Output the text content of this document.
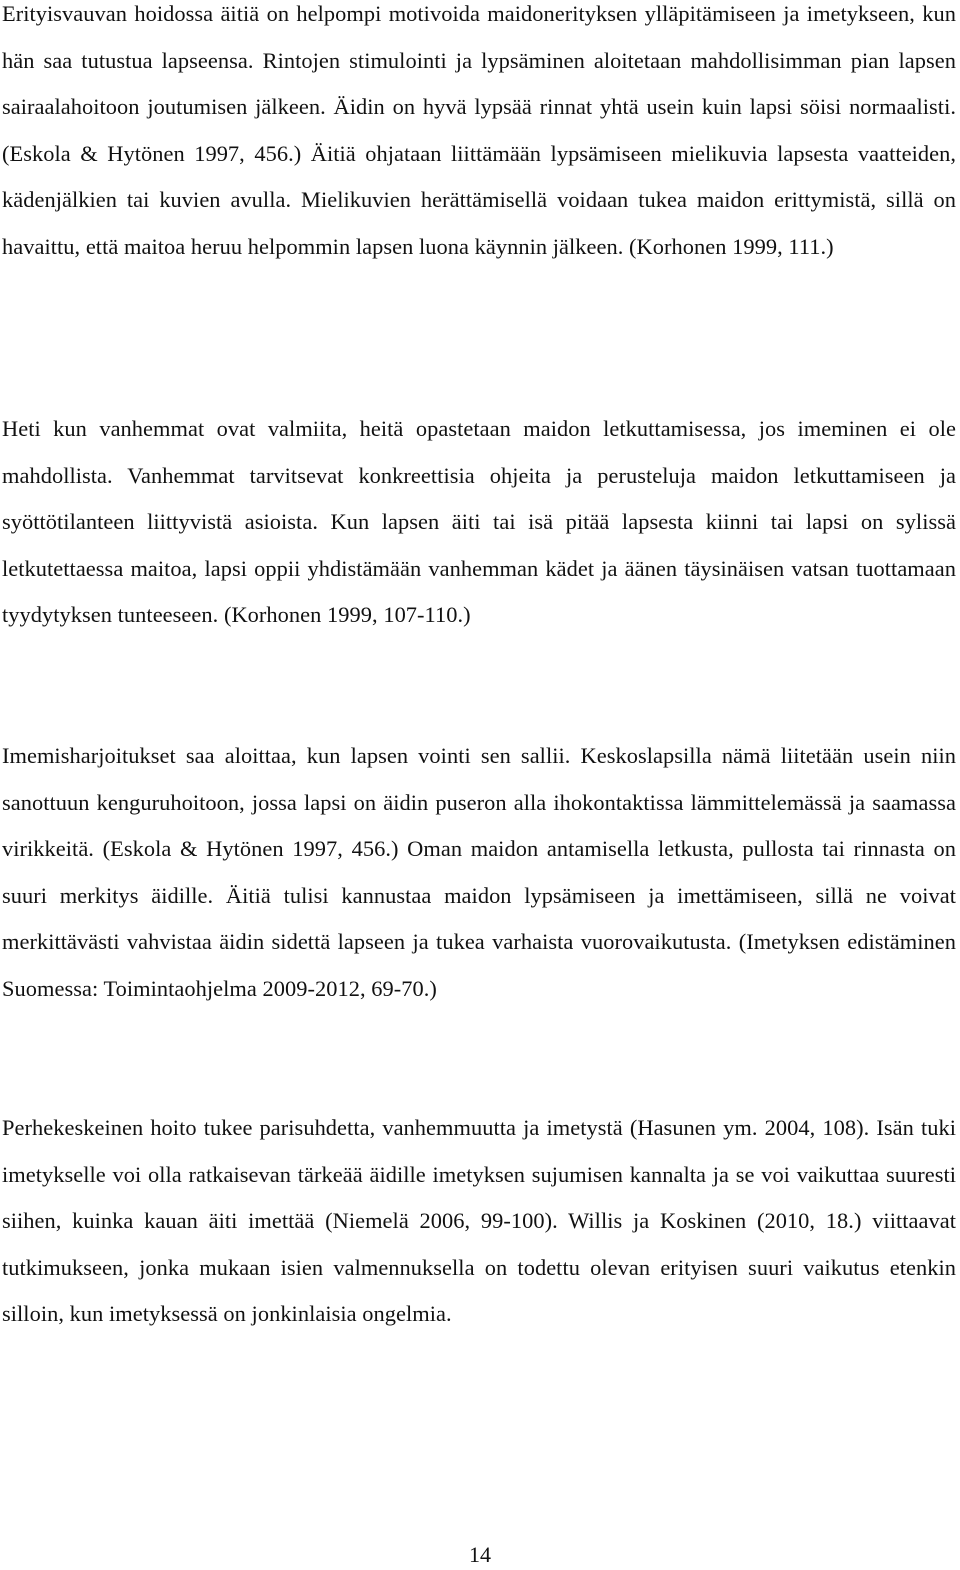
Erityisvauvan hoidossa äitiä on helpompi motivoida maidonerityksen ylläpitämiseen ja imetykseen, kun hän saa tutustua lapseensa. Rintojen stimulointi ja lypsäminen aloitetaan mahdollisimman pian lapsen sairaalahoitoon joutumisen jälkeen. Äidin on hyvä lypsää rinnat yhtä usein kuin lapsi söisi normaalisti. (Eskola & Hytönen 1997, 456.) Äitiä ohjataan liittämään lypsämiseen mielikuvia lapsesta vaatteiden, kädenjälkien tai kuvien avulla. Mielikuvien herättämisellä voidaan tukea maidon erittymistä, sillä on havaittu, että maitoa heruu helpommin lapsen luona käynnin jälkeen. (Korhonen 1999, 111.)

Heti kun vanhemmat ovat valmiita, heitä opastetaan maidon letkuttamisessa, jos imeminen ei ole mahdollista. Vanhemmat tarvitsevat konkreettisia ohjeita ja perusteluja maidon letkuttamiseen ja syöttötilanteen liittyvistä asioista. Kun lapsen äiti tai isä pitää lapsesta kiinni tai lapsi on sylissä letkutettaessa maitoa, lapsi oppii yhdistämään vanhemman kädet ja äänen täysinäisen vatsan tuottamaan tyydytyksen tunteeseen. (Korhonen 1999, 107-110.)

Imemisharjoitukset saa aloittaa, kun lapsen vointi sen sallii. Keskoslapsilla nämä liitetään usein niin sanottuun kenguruhoitoon, jossa lapsi on äidin puseron alla ihokontaktissa lämmittelemässä ja saamassa virikkeitä. (Eskola & Hytönen 1997, 456.) Oman maidon antamisella letkusta, pullosta tai rinnasta on suuri merkitys äidille. Äitiä tulisi kannustaa maidon lypsämiseen ja imettämiseen, sillä ne voivat merkittävästi vahvistaa äidin sidettä lapseen ja tukea varhaista vuorovaikutusta. (Imetyksen edistäminen Suomessa: Toimintaohjelma 2009-2012, 69-70.)

Perhekeskeinen hoito tukee parisuhdetta, vanhemmuutta ja imetystä (Hasunen ym. 2004, 108). Isän tuki imetykselle voi olla ratkaisevan tärkeää äidille imetyksen sujumisen kannalta ja se voi vaikuttaa suuresti siihen, kuinka kauan äiti imettää (Niemelä 2006, 99-100). Willis ja Koskinen (2010, 18.) viittaavat tutkimukseen, jonka mukaan isien valmennuksella on todettu olevan erityisen suuri vaikutus etenkin silloin, kun imetyksessä on jonkinlaisia ongelmia.

14
